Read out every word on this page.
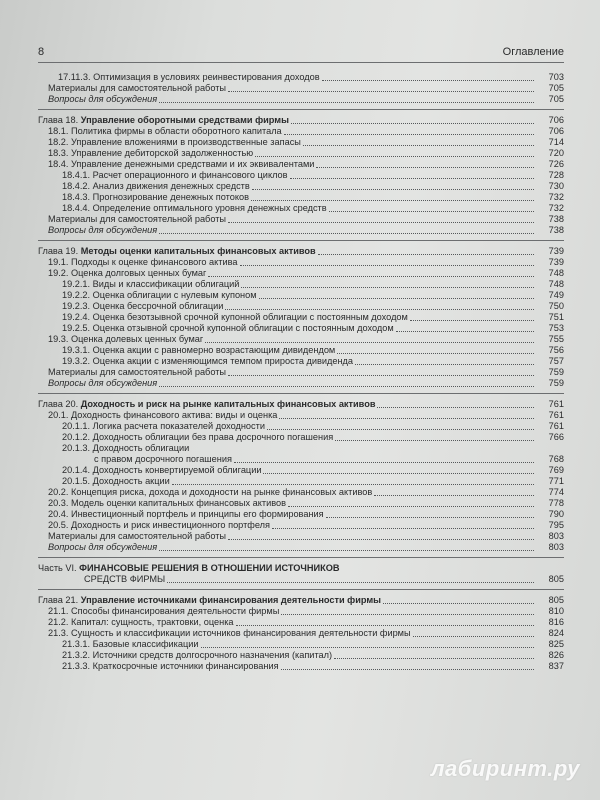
8	Оглавление
17.11.3. Оптимизация в условиях реинвестирования доходов	703
Материалы для самостоятельной работы	705
Вопросы для обсуждения	705
Глава 18. Управление оборотными средствами фирмы	706
18.1. Политика фирмы в области оборотного капитала	706
18.2. Управление вложениями в производственные запасы	714
18.3. Управление дебиторской задолженностью	720
18.4. Управление денежными средствами и их эквивалентами	726
18.4.1. Расчет операционного и финансового циклов	728
18.4.2. Анализ движения денежных средств	730
18.4.3. Прогнозирование денежных потоков	732
18.4.4. Определение оптимального уровня денежных средств	732
Материалы для самостоятельной работы	738
Вопросы для обсуждения	738
Глава 19. Методы оценки капитальных финансовых активов	739
19.1. Подходы к оценке финансового актива	739
19.2. Оценка долговых ценных бумаг	748
19.2.1. Виды и классификации облигаций	748
19.2.2. Оценка облигации с нулевым купоном	749
19.2.3. Оценка бессрочной облигации	750
19.2.4. Оценка безотзывной срочной купонной облигации с постоянным доходом	751
19.2.5. Оценка отзывной срочной купонной облигации с постоянным доходом	753
19.3. Оценка долевых ценных бумаг	755
19.3.1. Оценка акции с равномерно возрастающим дивидендом	756
19.3.2. Оценка акции с изменяющимся темпом прироста дивиденда	757
Материалы для самостоятельной работы	759
Вопросы для обсуждения	759
Глава 20. Доходность и риск на рынке капитальных финансовых активов	761
20.1. Доходность финансового актива: виды и оценка	761
20.1.1. Логика расчета показателей доходности	761
20.1.2. Доходность облигации без права досрочного погашения	766
20.1.3. Доходность облигации
с правом досрочного погашения	768
20.1.4. Доходность конвертируемой облигации	769
20.1.5. Доходность акции	771
20.2. Концепция риска, дохода и доходности на рынке финансовых активов	774
20.3. Модель оценки капитальных финансовых активов	778
20.4. Инвестиционный портфель и принципы его формирования	790
20.5. Доходность и риск инвестиционного портфеля	795
Материалы для самостоятельной работы	803
Вопросы для обсуждения	803
Часть VI. ФИНАНСОВЫЕ РЕШЕНИЯ В ОТНОШЕНИИ ИСТОЧНИКОВ
СРЕДСТВ ФИРМЫ	805
Глава 21. Управление источниками финансирования деятельности фирмы	805
21.1. Способы финансирования деятельности фирмы	810
21.2. Капитал: сущность, трактовки, оценка	816
21.3. Сущность и классификации источников финансирования деятельности фирмы	824
21.3.1. Базовые классификации	825
21.3.2. Источники средств долгосрочного назначения (капитал)	826
21.3.3. Краткосрочные источники финансирования	837
лабиринт.ру
